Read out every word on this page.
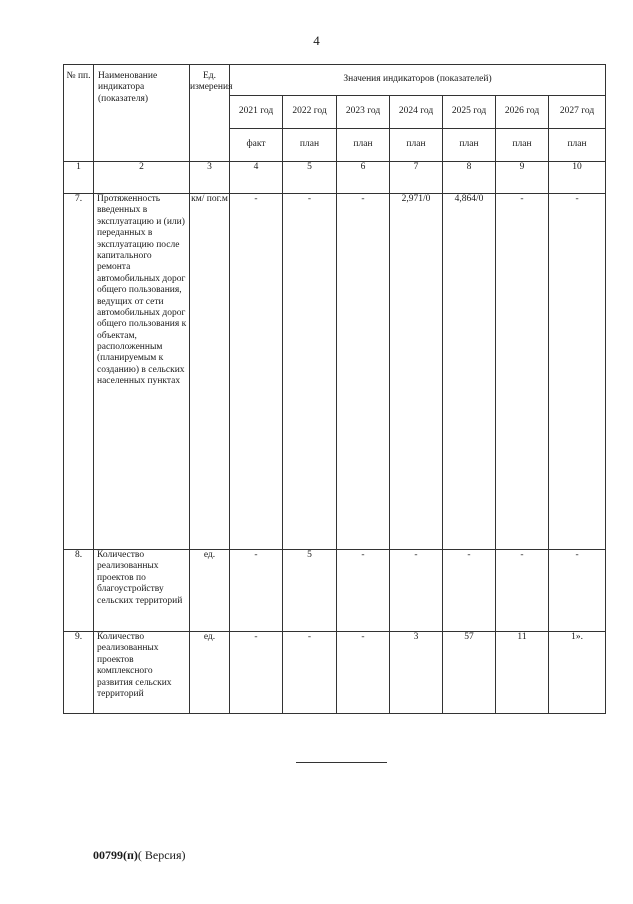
4
№ пп.	Наименование индикатора (показателя)	Ед. измерения	Значения индикаторов (показателей)						
			2021 год	2022 год	2023 год	2024 год	2025 год	2026 год	2027 год
			факт	план	план	план	план	план	план
1	2	3	4	5	6	7	8	9	10
7.	Протяженность введенных в эксплуатацию и (или) переданных в эксплуатацию после капитального ремонта автомобильных дорог общего пользования, ведущих от сети автомобильных дорог общего пользования к объектам, расположенным (планируемым к созданию) в сельских населенных пунктах	км/ пог.м	-	-	-	2,971/0	4,864/0	-	-
8.	Количество реализованных проектов по благоустройству сельских территорий	ед.	-	5	-	-	-	-	-
9.	Количество реализованных проектов комплексного развития сельских территорий	ед.	-	-	-	3	57	11	1».
00799(п)( Версия)
